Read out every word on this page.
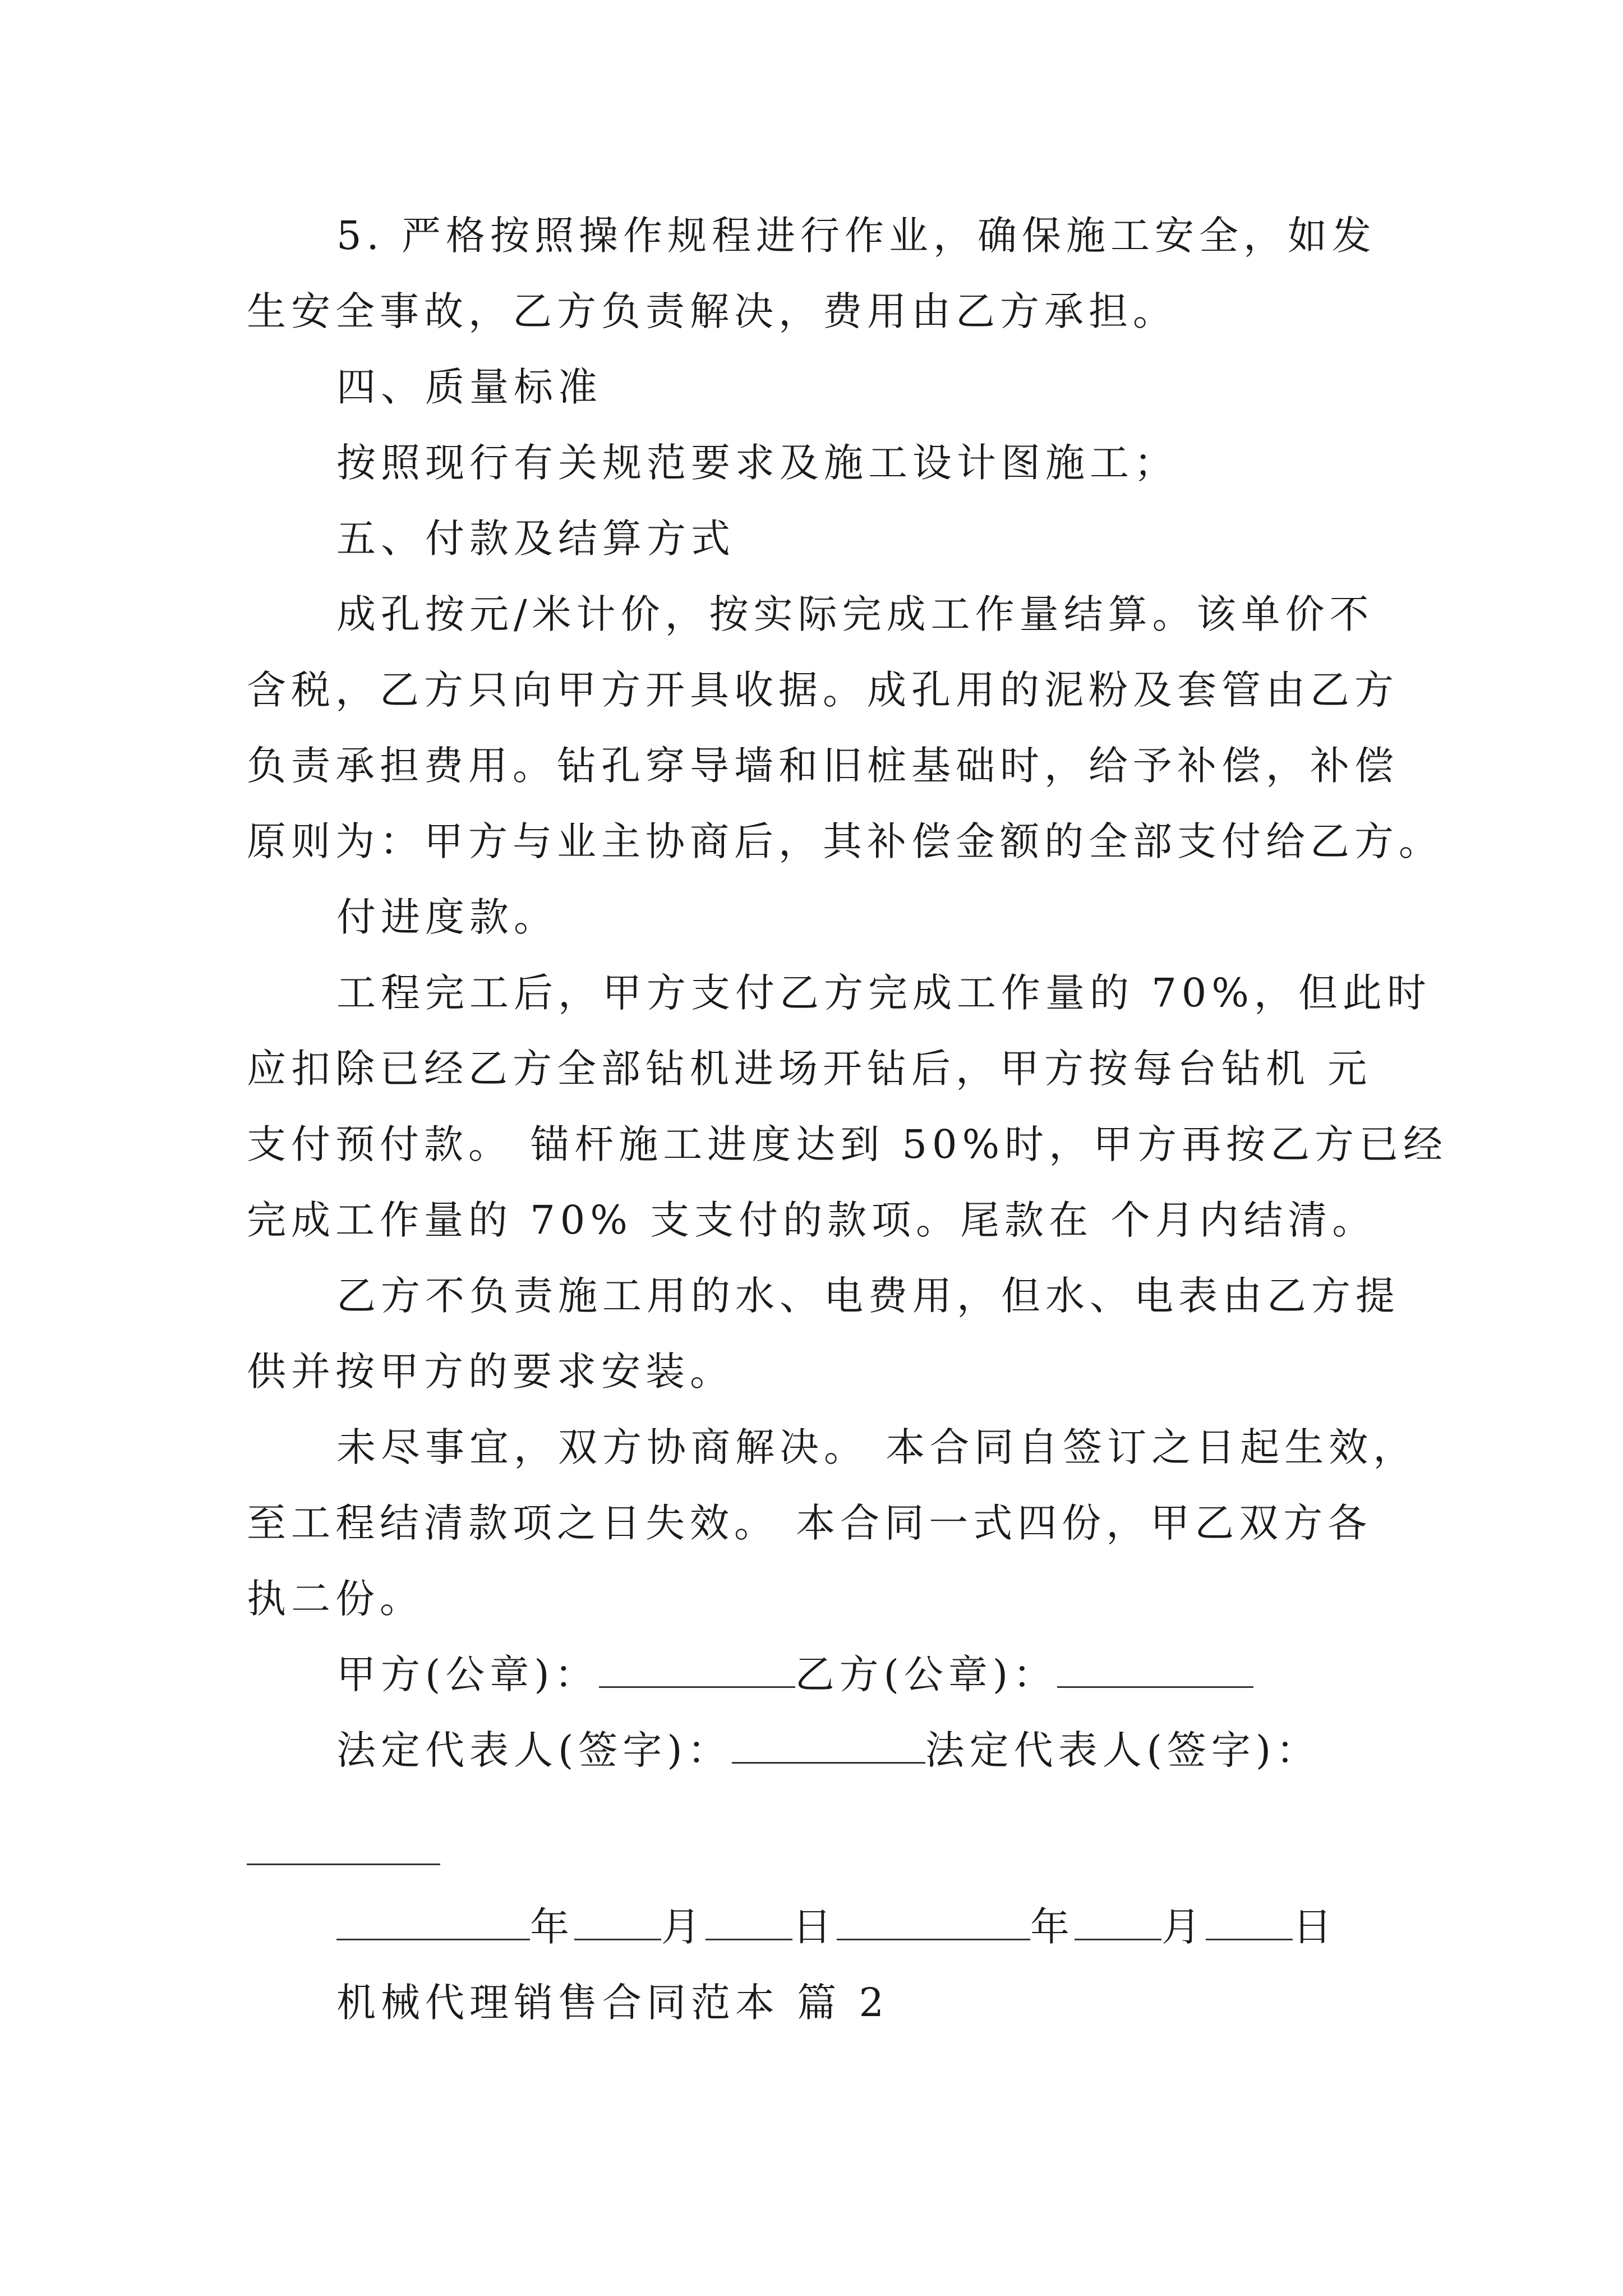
5. 严格按照操作规程进行作业，确保施工安全，如发
生安全事故，乙方负责解决，费用由乙方承担。
四、质量标准
按照现行有关规范要求及施工设计图施工；
五、付款及结算方式
成孔按元/米计价，按实际完成工作量结算。该单价不
含税，乙方只向甲方开具收据。成孔用的泥粉及套管由乙方
负责承担费用。钻孔穿导墙和旧桩基础时，给予补偿，补偿
原则为：甲方与业主协商后，其补偿金额的全部支付给乙方。
付进度款。
工程完工后，甲方支付乙方完成工作量的 70%，但此时
应扣除已经乙方全部钻机进场开钻后，甲方按每台钻机 元
支付预付款。 锚杆施工进度达到 50%时，甲方再按乙方已经
完成工作量的 70% 支支付的款项。尾款在 个月内结清。
乙方不负责施工用的水、电费用，但水、电表由乙方提
供并按甲方的要求安装。
未尽事宜，双方协商解决。 本合同自签订之日起生效，
至工程结清款项之日失效。 本合同一式四份，甲乙双方各
执二份。
甲方(公章)：	乙方(公章)：
法定代表人(签字)：	法定代表人(签字)：
年 月 日	年 月 日
机械代理销售合同范本 篇 2
